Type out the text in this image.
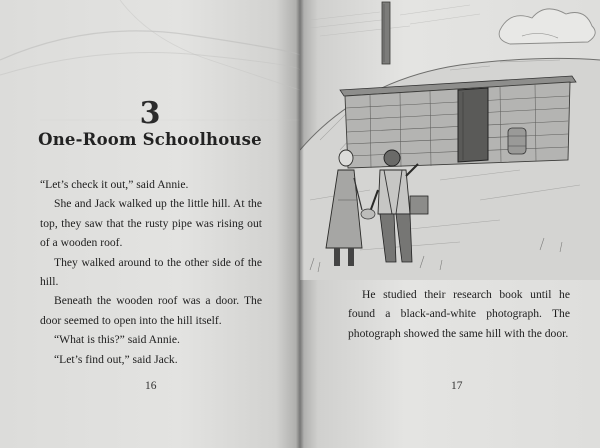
3
One-Room Schoolhouse

“Let’s check it out,” said Annie.

She and Jack walked up the little hill. At the top, they saw that the rusty pipe was rising out of a wooden roof.

They walked around to the other side of the hill.

Beneath the wooden roof was a door. The door seemed to open into the hill itself.

“What is this?” said Annie.

“Let’s find out,” said Jack.

16

He studied their research book until he found a black-and-white photograph. The photograph showed the same hill with the door.

17
